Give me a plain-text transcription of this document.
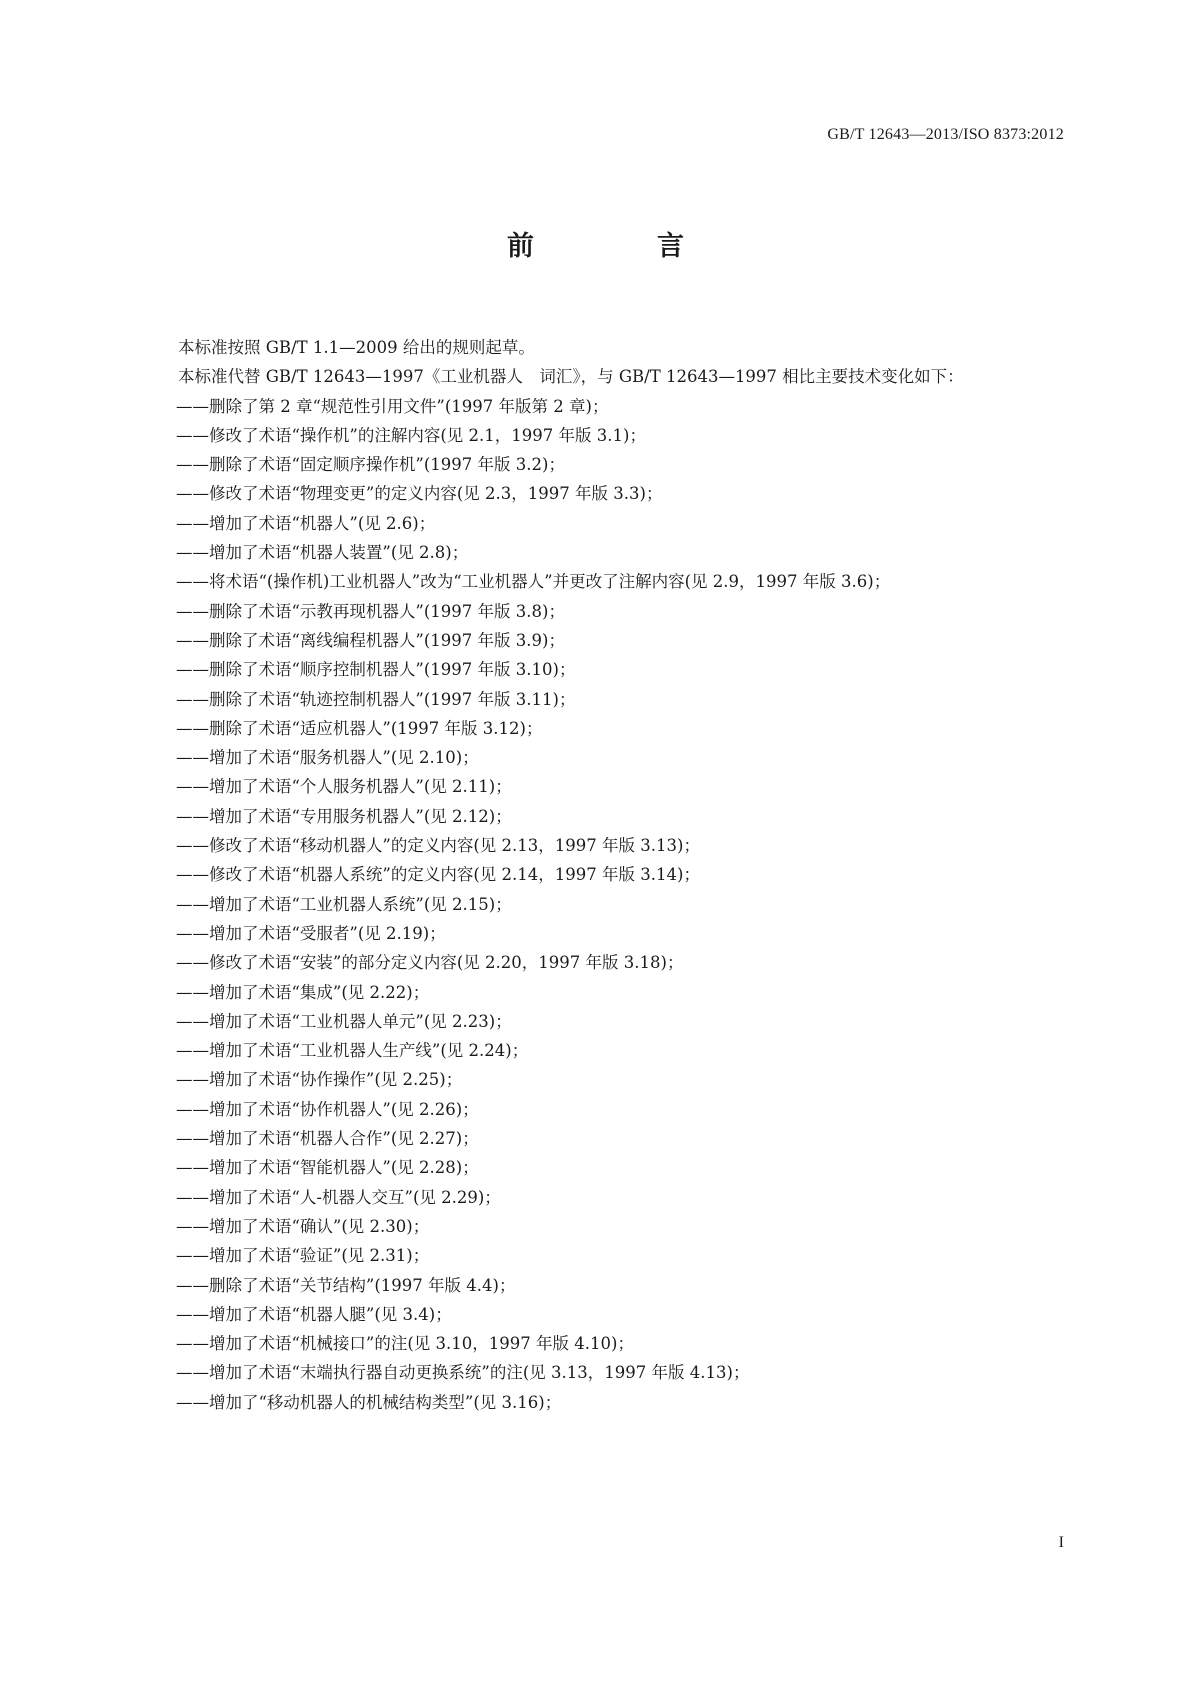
GB/T 12643—2013/ISO 8373:2012
前　言

本标准按照 GB/T 1.1—2009 给出的规则起草。

本标准代替 GB/T 12643—1997《工业机器人　词汇》，与 GB/T 12643—1997 相比主要技术变化如下：

——删除了第 2 章“规范性引用文件”(1997 年版第 2 章)；

——修改了术语“操作机”的注解内容(见 2.1，1997 年版 3.1)；

——删除了术语“固定顺序操作机”(1997 年版 3.2)；

——修改了术语“物理变更”的定义内容(见 2.3，1997 年版 3.3)；

——增加了术语“机器人”(见 2.6)；

——增加了术语“机器人装置”(见 2.8)；

——将术语“(操作机)工业机器人”改为“工业机器人”并更改了注解内容(见 2.9，1997 年版 3.6)；

——删除了术语“示教再现机器人”(1997 年版 3.8)；

——删除了术语“离线编程机器人”(1997 年版 3.9)；

——删除了术语“顺序控制机器人”(1997 年版 3.10)；

——删除了术语“轨迹控制机器人”(1997 年版 3.11)；

——删除了术语“适应机器人”(1997 年版 3.12)；

——增加了术语“服务机器人”(见 2.10)；

——增加了术语“个人服务机器人”(见 2.11)；

——增加了术语“专用服务机器人”(见 2.12)；

——修改了术语“移动机器人”的定义内容(见 2.13，1997 年版 3.13)；

——修改了术语“机器人系统”的定义内容(见 2.14，1997 年版 3.14)；

——增加了术语“工业机器人系统”(见 2.15)；

——增加了术语“受服者”(见 2.19)；

——修改了术语“安装”的部分定义内容(见 2.20，1997 年版 3.18)；

——增加了术语“集成”(见 2.22)；

——增加了术语“工业机器人单元”(见 2.23)；

——增加了术语“工业机器人生产线”(见 2.24)；

——增加了术语“协作操作”(见 2.25)；

——增加了术语“协作机器人”(见 2.26)；

——增加了术语“机器人合作”(见 2.27)；

——增加了术语“智能机器人”(见 2.28)；

——增加了术语“人-机器人交互”(见 2.29)；

——增加了术语“确认”(见 2.30)；

——增加了术语“验证”(见 2.31)；

——删除了术语“关节结构”(1997 年版 4.4)；

——增加了术语“机器人腿”(见 3.4)；

——增加了术语“机械接口”的注(见 3.10，1997 年版 4.10)；

——增加了术语“末端执行器自动更换系统”的注(见 3.13，1997 年版 4.13)；

——增加了“移动机器人的机械结构类型”(见 3.16)；

I
